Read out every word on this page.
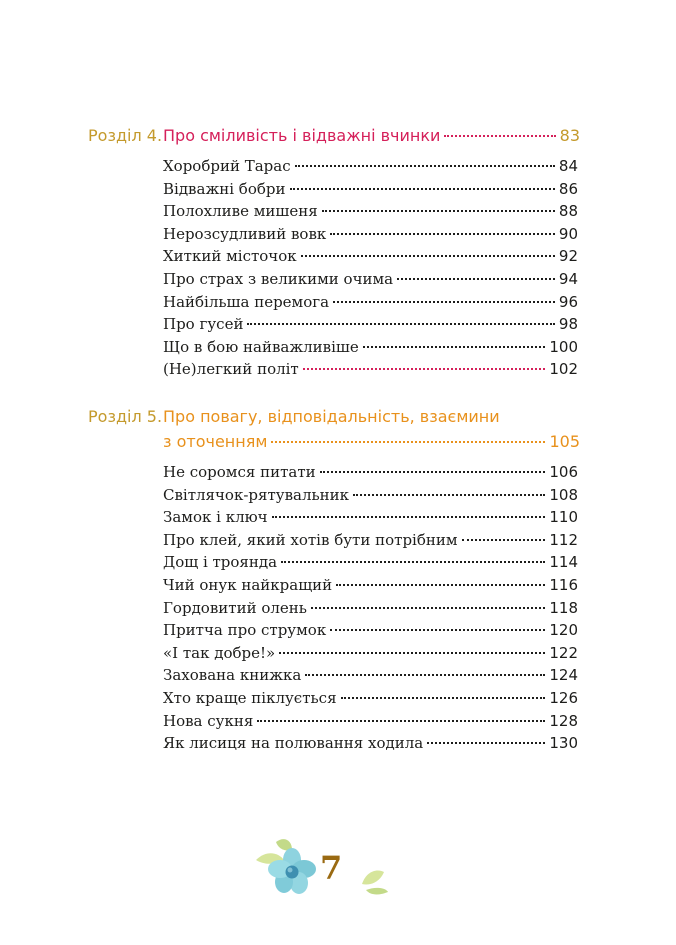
Розділ 4. Про сміливість і відважні вчинки	83
Хоробрий Тарас	84
Відважні бобри	86
Полохливе мишеня	88
Нерозсудливий вовк	90
Хиткий місточок	92
Про страх з великими очима	94
Найбільша перемога	96
Про гусей	98
Що в бою найважливіше	100
(Не)легкий політ	102
Розділ 5. Про повагу, відповідальність, взаємини
з оточенням	105
Не соромся питати	106
Світлячок-рятувальник	108
Замок і ключ	110
Про клей, який хотів бути потрібним	112
Дощ і троянда	114
Чий онук найкращий	116
Гордовитий олень	118
Притча про струмок	120
«І так добре!»	122
Захована книжка	124
Хто краще піклується	126
Нова сукня	128
Як лисиця на полювання ходила	130
7
